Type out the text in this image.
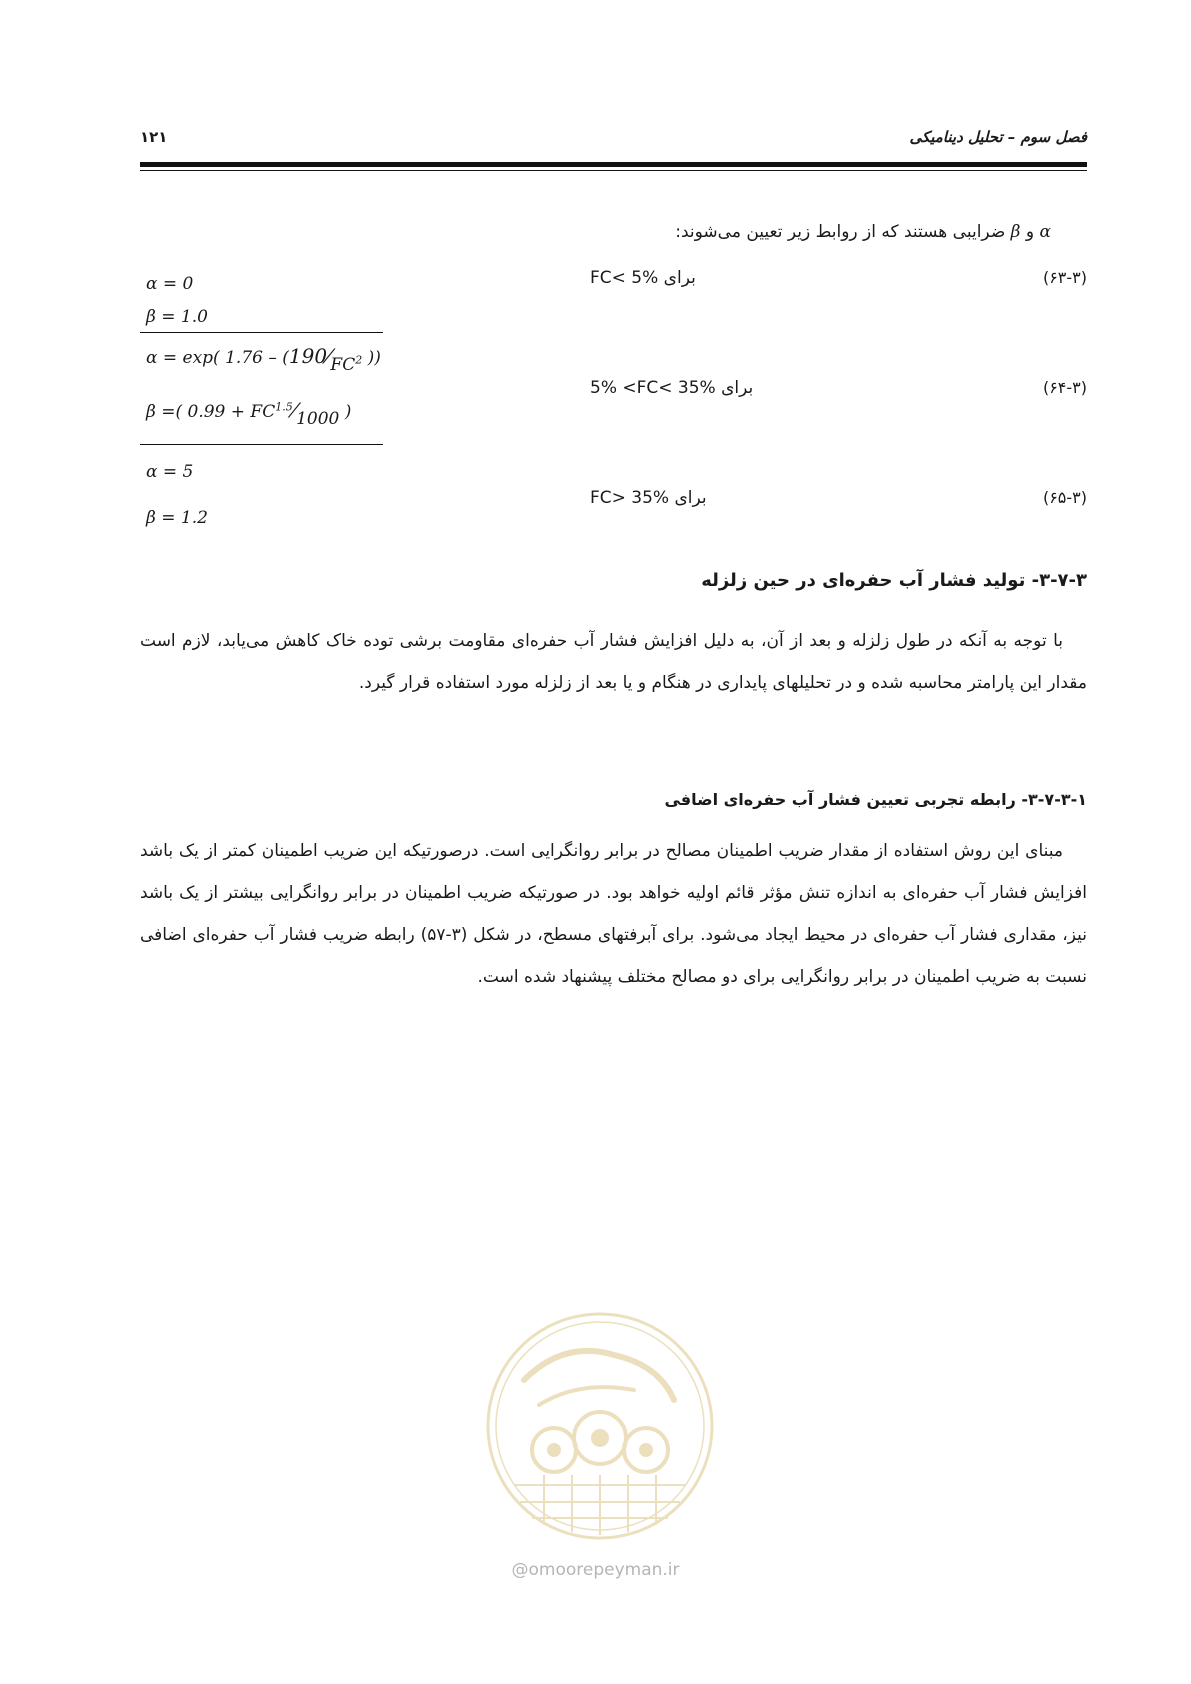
فصل سوم – تحلیل دینامیکی
۱۲۱
α و β ضرایبی هستند که از روابط زیر تعیین می‌شوند:
(۶۳-۳)
FC< 5% برای
α = 0
β = 1.0
(۶۴-۳)
5% <FC< 35% برای
α = exp( $1.76 - (190⁄FC^2$ ))
β =( $0.99 + FC^{1.5}⁄1000$ )
(۶۵-۳)
FC> 35% برای
α = 5
β = 1.2
۳-۷-۳- تولید فشار آب حفره‌ای در حین زلزله
با توجه به آنکه در طول زلزله و بعد از آن، به دلیل افزایش فشار آب حفره‌ای مقاومت برشی توده خاک کاهش می‌یابد، لازم است مقدار این پارامتر محاسبه شده و در تحلیلهای پایداری در هنگام و یا بعد از زلزله مورد استفاده قرار گیرد.
۳-۷-۳-۱- رابطه تجربی تعیین فشار آب حفره‌ای اضافی
مبنای این روش استفاده از مقدار ضریب اطمینان مصالح در برابر روانگرایی است. درصورتیکه این ضریب اطمینان کمتر از یک باشد افزایش فشار آب حفره‌ای به اندازه تنش مؤثر قائم اولیه خواهد بود. در صورتیکه ضریب اطمینان در برابر روانگرایی بیشتر از یک باشد نیز، مقداری فشار آب حفره‌ای در محیط ایجاد می‌شود. برای آبرفتهای مسطح، در شکل (۳-۵۷) رابطه ضریب فشار آب حفره‌ای اضافی نسبت به ضریب اطمینان در برابر روانگرایی برای دو مصالح مختلف پیشنهاد شده است.
@omoorepeyman.ir
